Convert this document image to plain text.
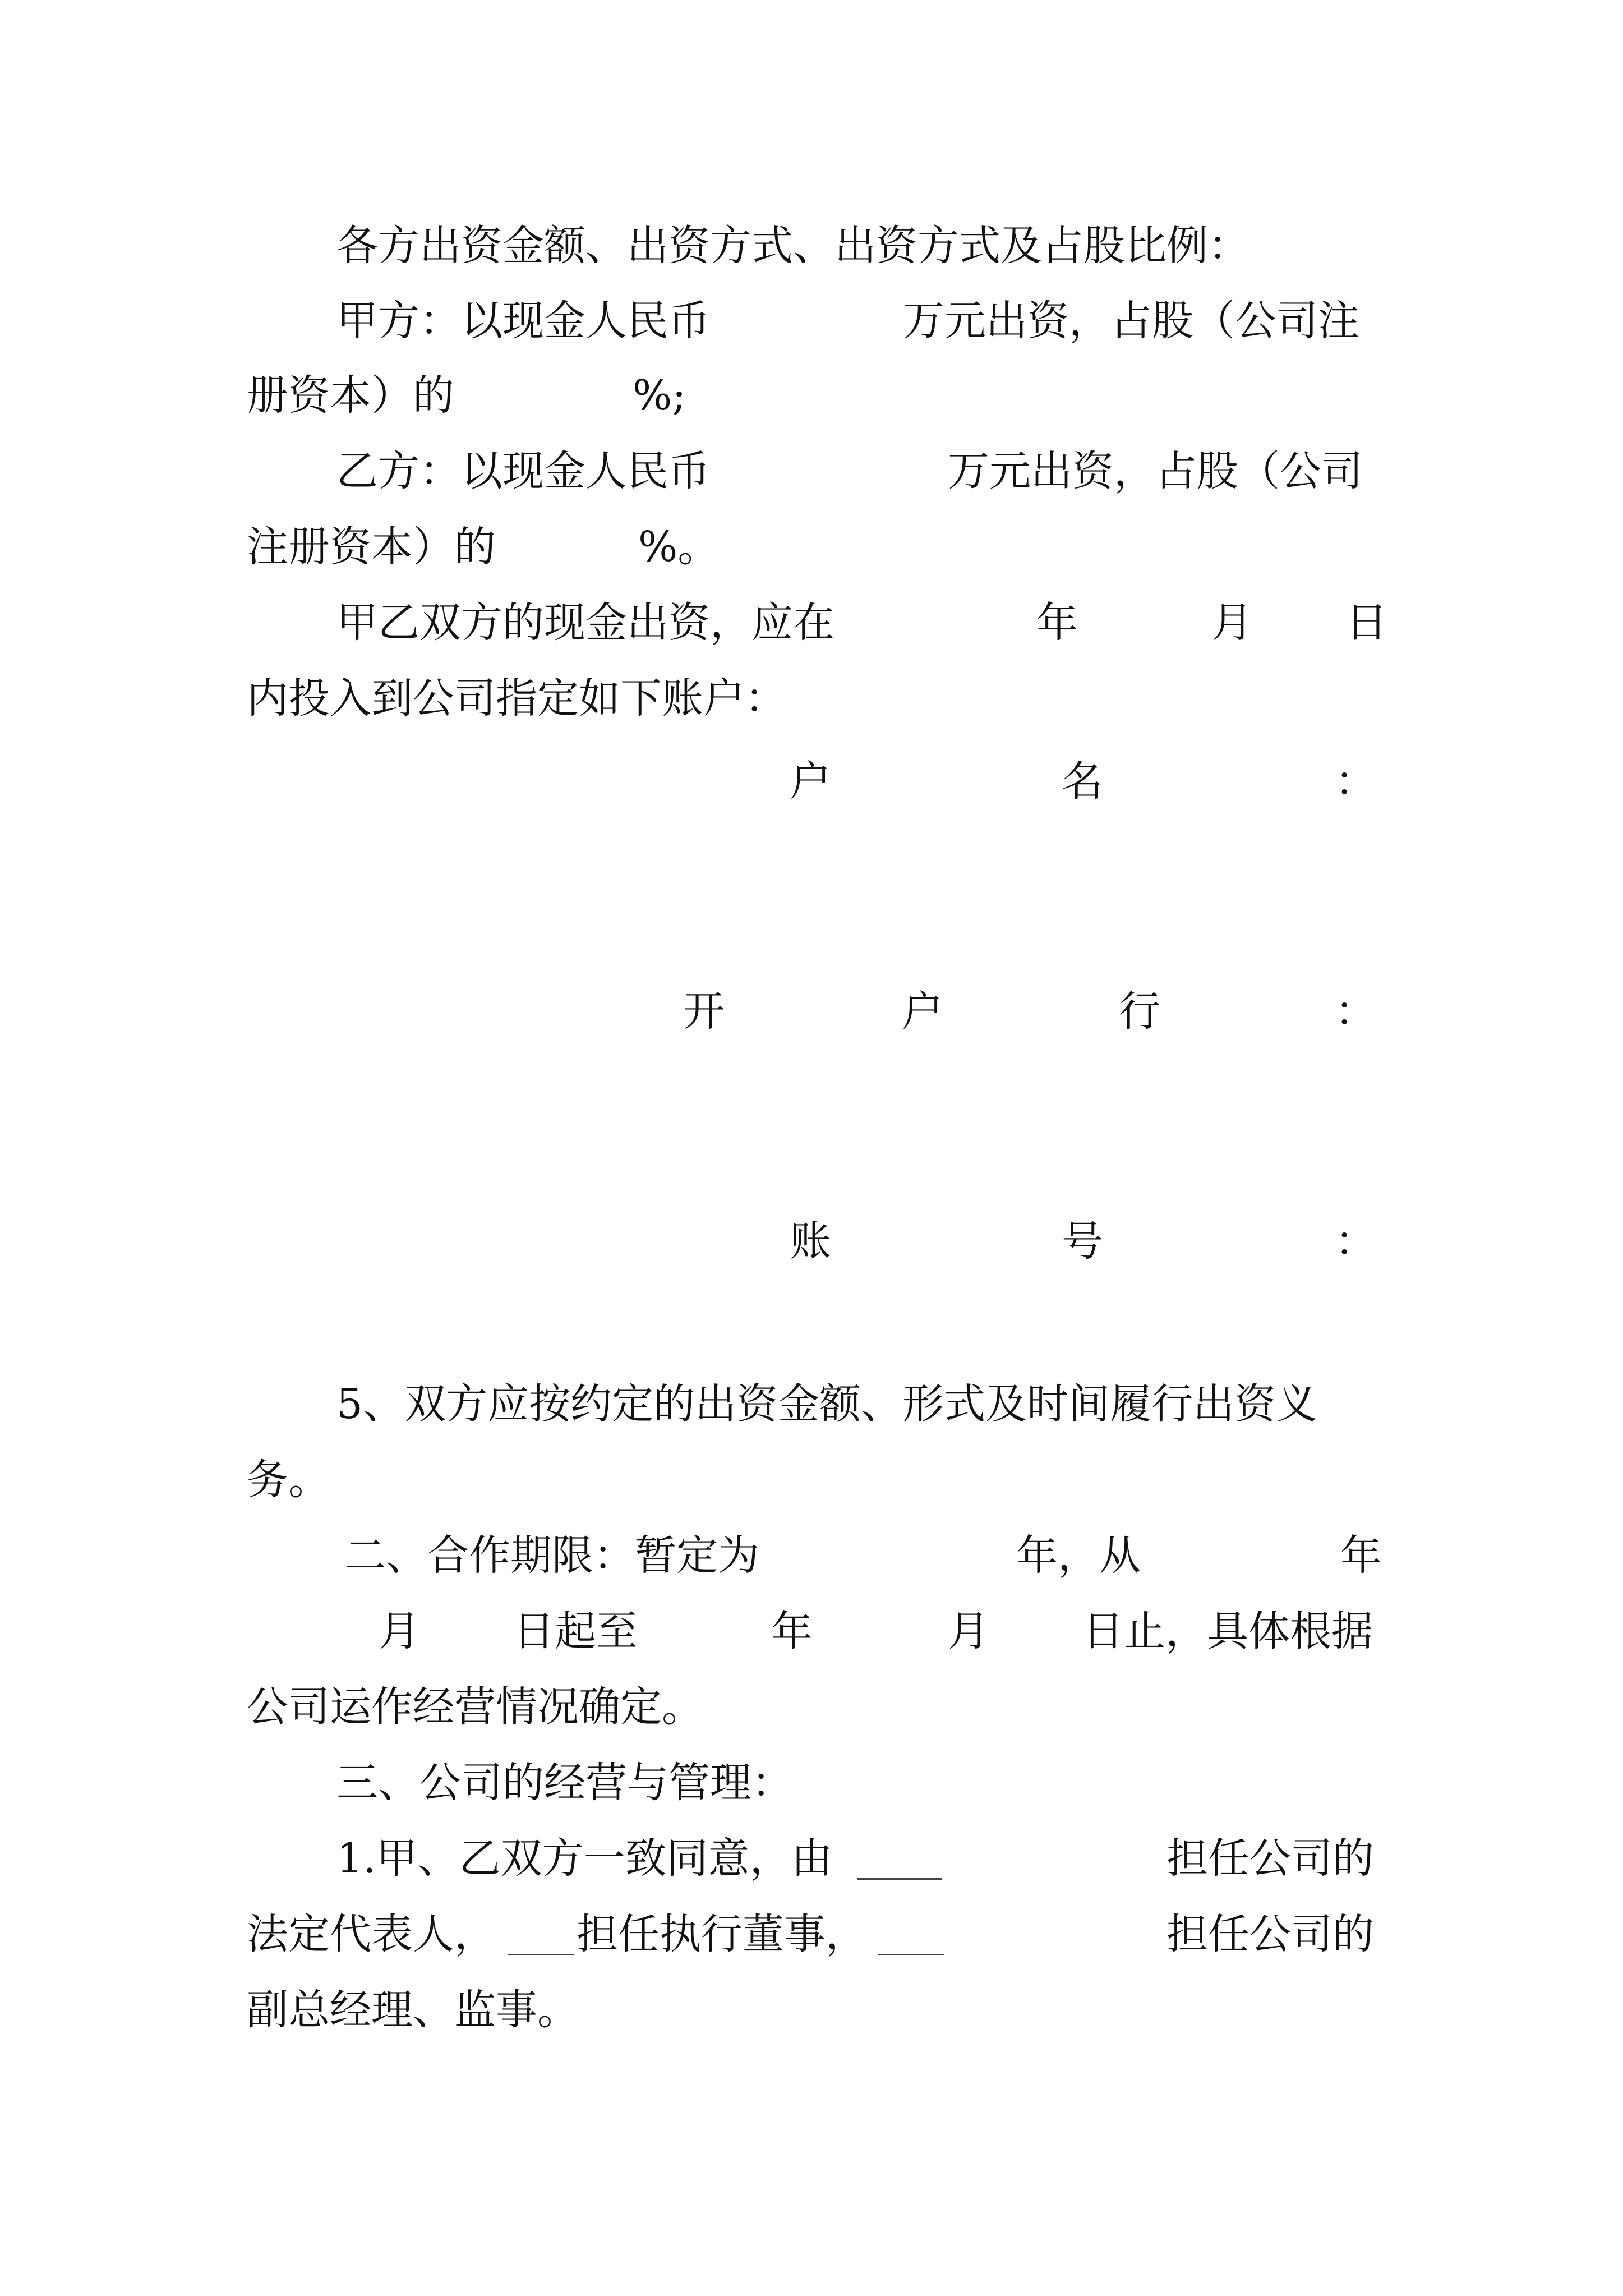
各方出资金额、出资方式、出资方式及占股比例：
甲方：以现金人民币	万元出资，占股（公司注
册资本）的	%;
乙方：以现金人民币	万元出资，占股（公司
注册资本）的	%。
甲乙双方的现金出资，应在	年	月 日
内投入到公司指定如下账户：
户	名	：
开	户	行	：
账	号	：
5、双方应按约定的出资金额、形式及时间履行出资义
务。
二、合作期限：暂定为	年，从	年
月 日起至	年	月 日止，具体根据
公司运作经营情况确定。
三、公司的经营与管理：
1.甲、乙双方一致同意，由	担任公司的
法定代表人， 担任执行董事，	担任公司的
副总经理、监事。
